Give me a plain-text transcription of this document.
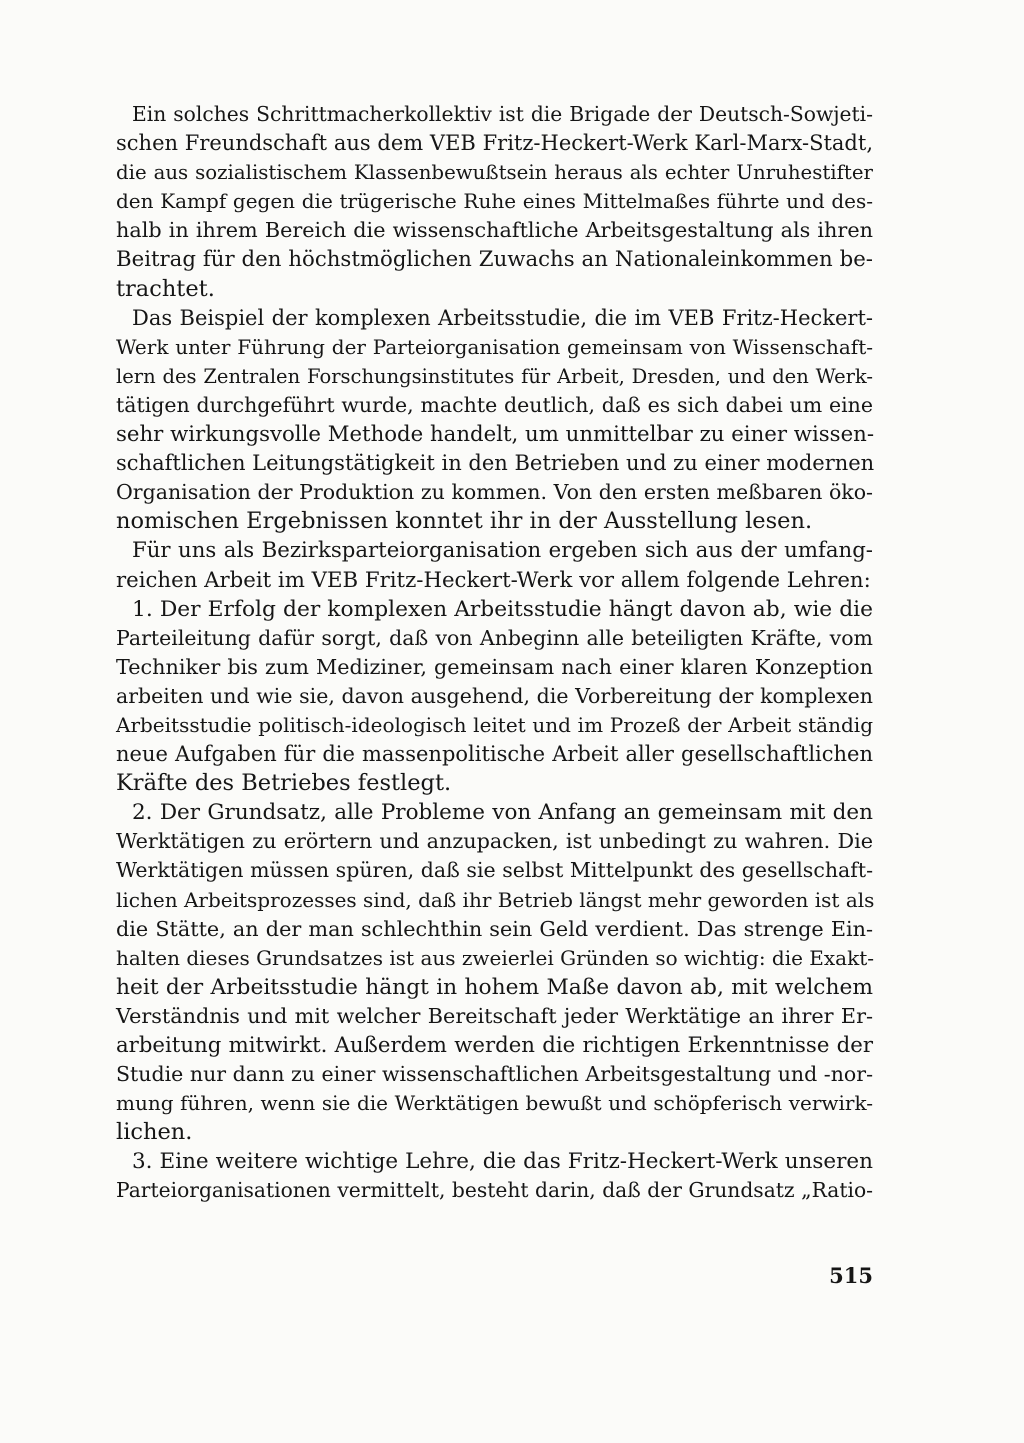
Ein solches Schrittmacherkollektiv ist die Brigade der Deutsch-Sowjeti-
schen Freundschaft aus dem VEB Fritz-Heckert-Werk Karl-Marx-Stadt,
die aus sozialistischem Klassenbewußtsein heraus als echter Unruhestifter
den Kampf gegen die trügerische Ruhe eines Mittelmaßes führte und des-
halb in ihrem Bereich die wissenschaftliche Arbeitsgestaltung als ihren
Beitrag für den höchstmöglichen Zuwachs an Nationaleinkommen be-
trachtet.
Das Beispiel der komplexen Arbeitsstudie, die im VEB Fritz-Heckert-
Werk unter Führung der Parteiorganisation gemeinsam von Wissenschaft-
lern des Zentralen Forschungsinstitutes für Arbeit, Dresden, und den Werk-
tätigen durchgeführt wurde, machte deutlich, daß es sich dabei um eine
sehr wirkungsvolle Methode handelt, um unmittelbar zu einer wissen-
schaftlichen Leitungstätigkeit in den Betrieben und zu einer modernen
Organisation der Produktion zu kommen. Von den ersten meßbaren öko-
nomischen Ergebnissen konntet ihr in der Ausstellung lesen.
Für uns als Bezirksparteiorganisation ergeben sich aus der umfang-
reichen Arbeit im VEB Fritz-Heckert-Werk vor allem folgende Lehren:
1. Der Erfolg der komplexen Arbeitsstudie hängt davon ab, wie die
Parteileitung dafür sorgt, daß von Anbeginn alle beteiligten Kräfte, vom
Techniker bis zum Mediziner, gemeinsam nach einer klaren Konzeption
arbeiten und wie sie, davon ausgehend, die Vorbereitung der komplexen
Arbeitsstudie politisch-ideologisch leitet und im Prozeß der Arbeit ständig
neue Aufgaben für die massenpolitische Arbeit aller gesellschaftlichen
Kräfte des Betriebes festlegt.
2. Der Grundsatz, alle Probleme von Anfang an gemeinsam mit den
Werktätigen zu erörtern und anzupacken, ist unbedingt zu wahren. Die
Werktätigen müssen spüren, daß sie selbst Mittelpunkt des gesellschaft-
lichen Arbeitsprozesses sind, daß ihr Betrieb längst mehr geworden ist als
die Stätte, an der man schlechthin sein Geld verdient. Das strenge Ein-
halten dieses Grundsatzes ist aus zweierlei Gründen so wichtig: die Exakt-
heit der Arbeitsstudie hängt in hohem Maße davon ab, mit welchem
Verständnis und mit welcher Bereitschaft jeder Werktätige an ihrer Er-
arbeitung mitwirkt. Außerdem werden die richtigen Erkenntnisse der
Studie nur dann zu einer wissenschaftlichen Arbeitsgestaltung und -nor-
mung führen, wenn sie die Werktätigen bewußt und schöpferisch verwirk-
lichen.
3. Eine weitere wichtige Lehre, die das Fritz-Heckert-Werk unseren
Parteiorganisationen vermittelt, besteht darin, daß der Grundsatz „Ratio-
515
